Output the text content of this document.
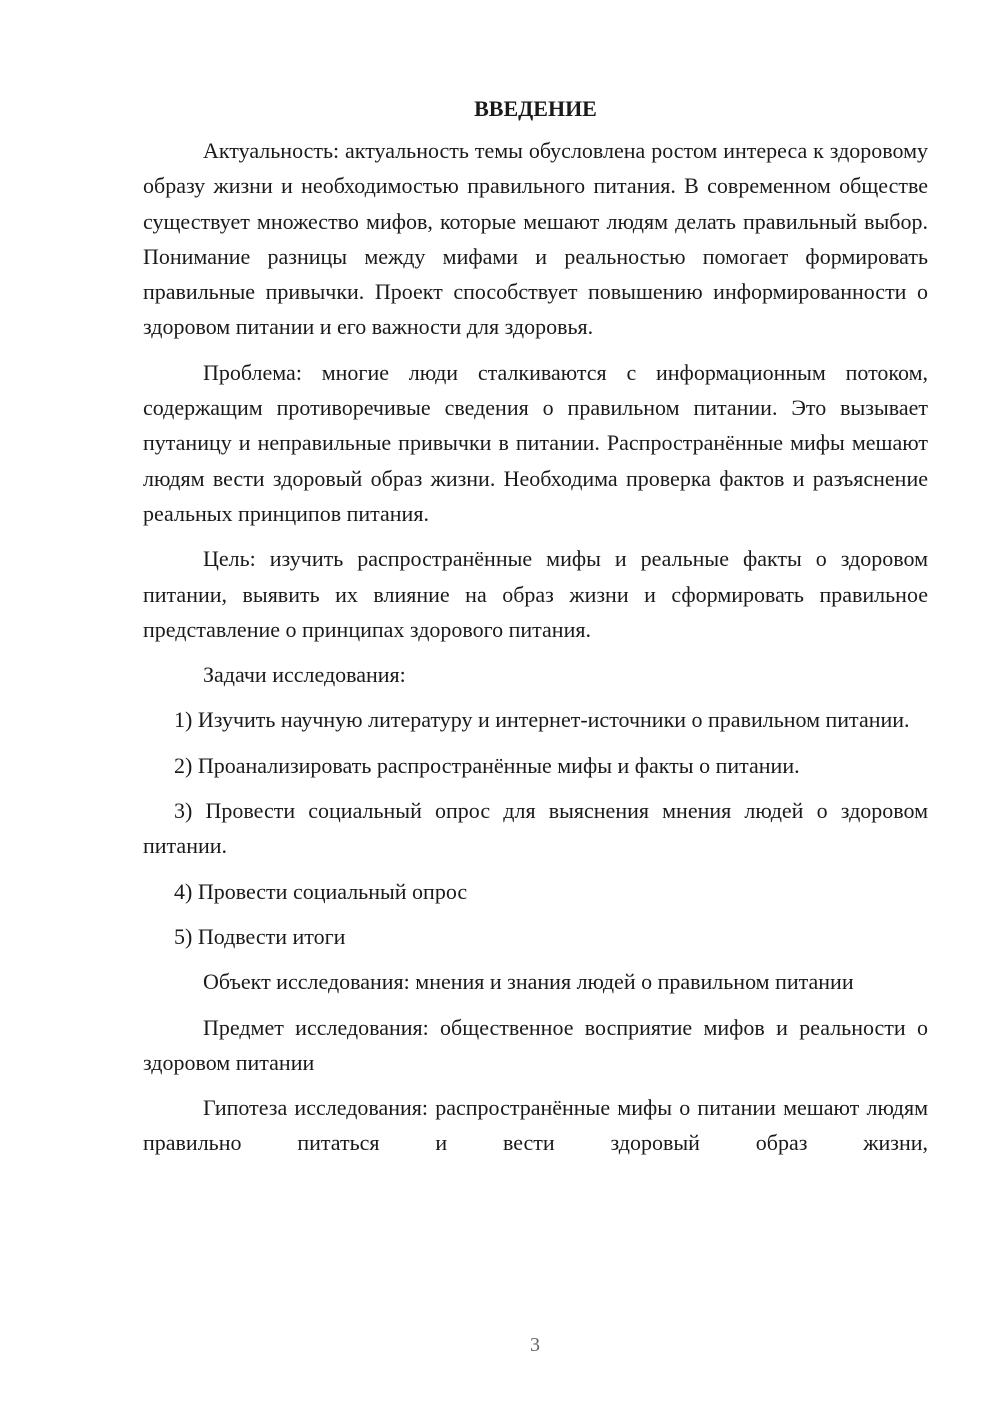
ВВЕДЕНИЕ

Актуальность: актуальность темы обусловлена ростом интереса к здоровому образу жизни и необходимостью правильного питания. В современном обществе существует множество мифов, которые мешают людям делать правильный выбор. Понимание разницы между мифами и реальностью помогает формировать правильные привычки. Проект способствует повышению информированности о здоровом питании и его важности для здоровья.

Проблема: многие люди сталкиваются с информационным потоком, содержащим противоречивые сведения о правильном питании. Это вызывает путаницу и неправильные привычки в питании. Распространённые мифы мешают людям вести здоровый образ жизни. Необходима проверка фактов и разъяснение реальных принципов питания.

Цель: изучить распространённые мифы и реальные факты о здоровом питании, выявить их влияние на образ жизни и сформировать правильное представление о принципах здорового питания.

Задачи исследования:

1) Изучить научную литературу и интернет-источники о правильном питании.

2) Проанализировать распространённые мифы и факты о питании.

3) Провести социальный опрос для выяснения мнения людей о здоровом питании.

4) Провести социальный опрос

5) Подвести итоги

Объект исследования: мнения и знания людей о правильном питании

Предмет исследования: общественное восприятие мифов и реальности о здоровом питании

Гипотеза исследования: распространённые мифы о питании мешают людям правильно питаться и вести здоровый образ жизни,

3
